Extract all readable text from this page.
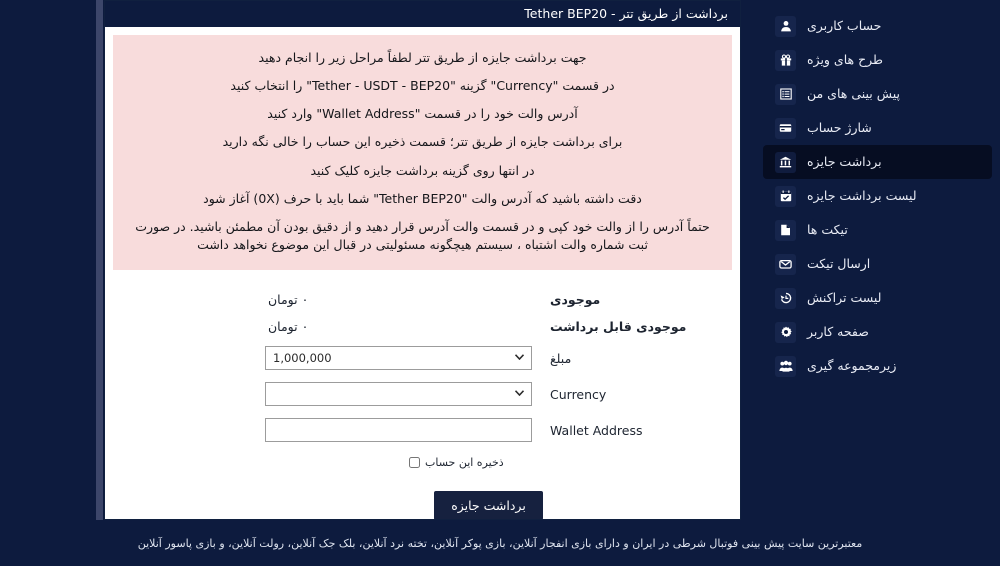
برداشت از طریق تتر - Tether BEP20

جهت برداشت جایزه از طریق تتر لطفاً مراحل زیر را انجام دهید

در قسمت "Currency" گزینه "Tether - USDT - BEP20" را انتخاب کنید

آدرس والت خود را در قسمت "Wallet Address" وارد کنید

برای برداشت جایزه از طریق تتر؛ قسمت ذخیره این حساب را خالی نگه دارید

در انتها روی گزینه برداشت جایزه کلیک کنید

دقت داشته باشید که آدرس والت "Tether BEP20" شما باید با حرف (0X) آغاز شود

حتماً آدرس را از والت خود کپی و در قسمت والت آدرس قرار دهید و از دقیق بودن آن مطمئن باشید. در صورت ثبت شماره والت اشتباه ، سیستم هیچگونه مسئولیتی در قبال این موضوع نخواهد داشت

موجودی
۰ تومان
موجودی قابل برداشت
۰ تومان
مبلغ
1,000,000
Currency
Wallet Address
ذخیره این حساب
برداشت جایزه
حساب کاربری
طرح های ویژه
پیش بینی های من
شارژ حساب
برداشت جایزه
لیست برداشت جایزه
تیکت ها
ارسال تیکت
لیست تراکنش
صفحه کاربر
زیرمجموعه گیری
معتبرترین سایت پیش بینی فوتبال شرطی در ایران و دارای بازی انفجار آنلاین، بازی پوکر آنلاین، تخته نرد آنلاین، بلک جک آنلاین، رولت آنلاین، و بازی پاسور آنلاین
